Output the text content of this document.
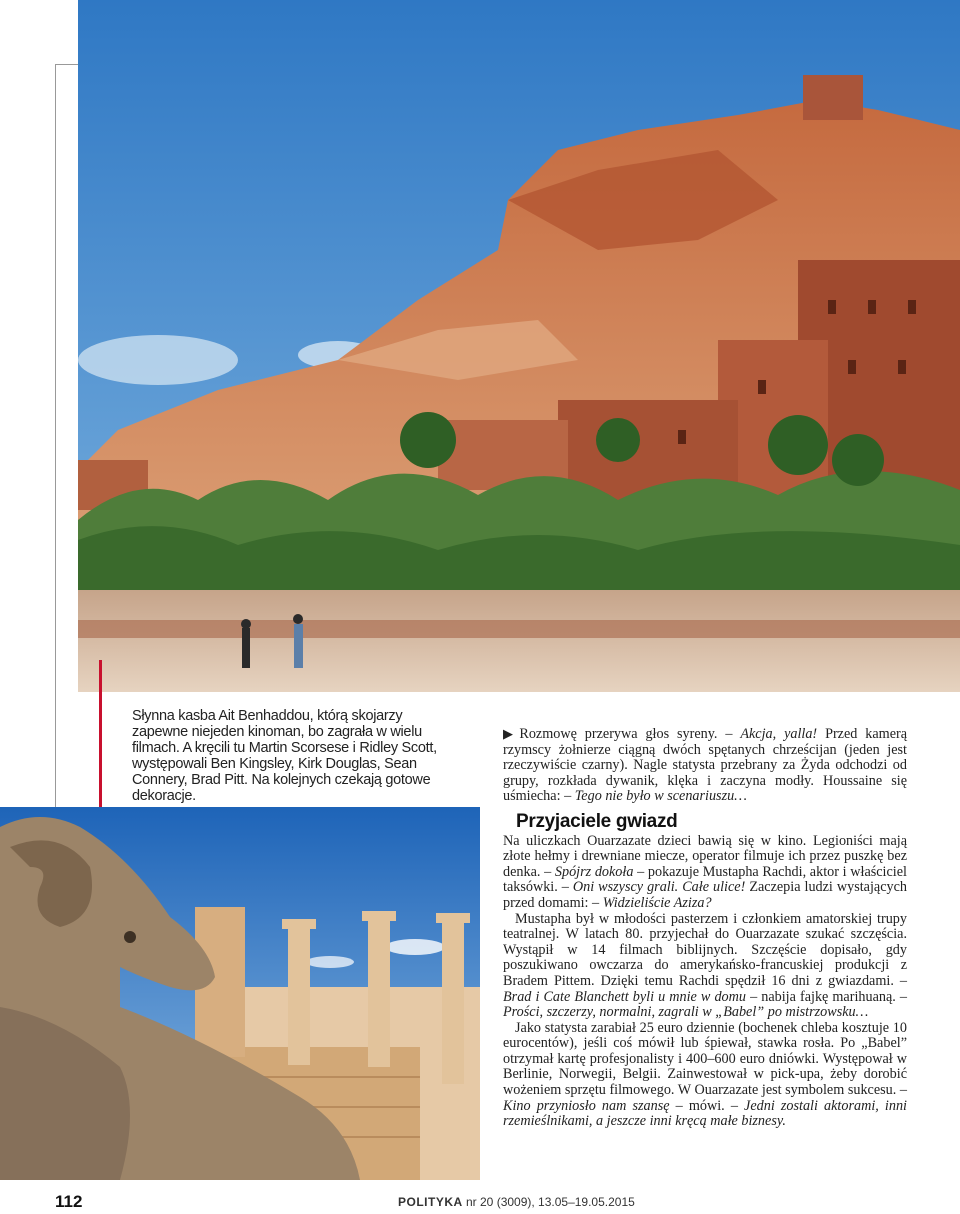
Słynna kasba Ait Benhaddou, którą skojarzy zapewne niejeden kinoman, bo zagrała w wielu filmach. A kręcili tu Martin Scorsese i Ridley Scott, występowali Ben Kingsley, Kirk Douglas, Sean Connery, Brad Pitt. Na kolejnych czekają gotowe dekoracje.

▶ Rozmowę przerywa głos syreny. – Akcja, yalla! Przed kamerą rzymscy żołnierze ciągną dwóch spętanych chrześcijan (jeden jest rzeczywiście czarny). Nagle statysta przebrany za Żyda odchodzi od grupy, rozkłada dywanik, klęka i zaczyna modły. Houssaine się uśmiecha: – Tego nie było w scenariuszu…

Przyjaciele gwiazd

Na uliczkach Ouarzazate dzieci bawią się w kino. Legioniści mają złote hełmy i drewniane miecze, operator filmuje ich przez puszkę bez denka. – Spójrz dokoła – pokazuje Mustapha Rachdi, aktor i właściciel taksówki. – Oni wszyscy grali. Całe ulice! Zaczepia ludzi wystających przed domami: – Widzieliście Aziza?

Mustapha był w młodości pasterzem i członkiem amatorskiej trupy teatralnej. W latach 80. przyjechał do Ouarzazate szukać szczęścia. Wystąpił w 14 filmach biblijnych. Szczęście dopisało, gdy poszukiwano owczarza do amerykańsko-francuskiej produkcji z Bradem Pittem. Dzięki temu Rachdi spędził 16 dni z gwiazdami. – Brad i Cate Blanchett byli u mnie w domu – nabija fajkę marihuaną. – Prości, szczerzy, normalni, zagrali w „Babel” po mistrzowsku…

Jako statysta zarabiał 25 euro dziennie (bochenek chleba kosztuje 10 eurocentów), jeśli coś mówił lub śpiewał, stawka rosła. Po „Babel” otrzymał kartę profesjonalisty i 400–600 euro dniówki. Występował w Berlinie, Norwegii, Belgii. Zainwestował w pick-upa, żeby dorobić wożeniem sprzętu filmowego. W Ouarzazate jest symbolem sukcesu. – Kino przyniosło nam szansę – mówi. – Jedni zostali aktorami, inni rzemieślnikami, a jeszcze inni kręcą małe biznesy.

112	POLITYKA nr 20 (3009), 13.05–19.05.2015
